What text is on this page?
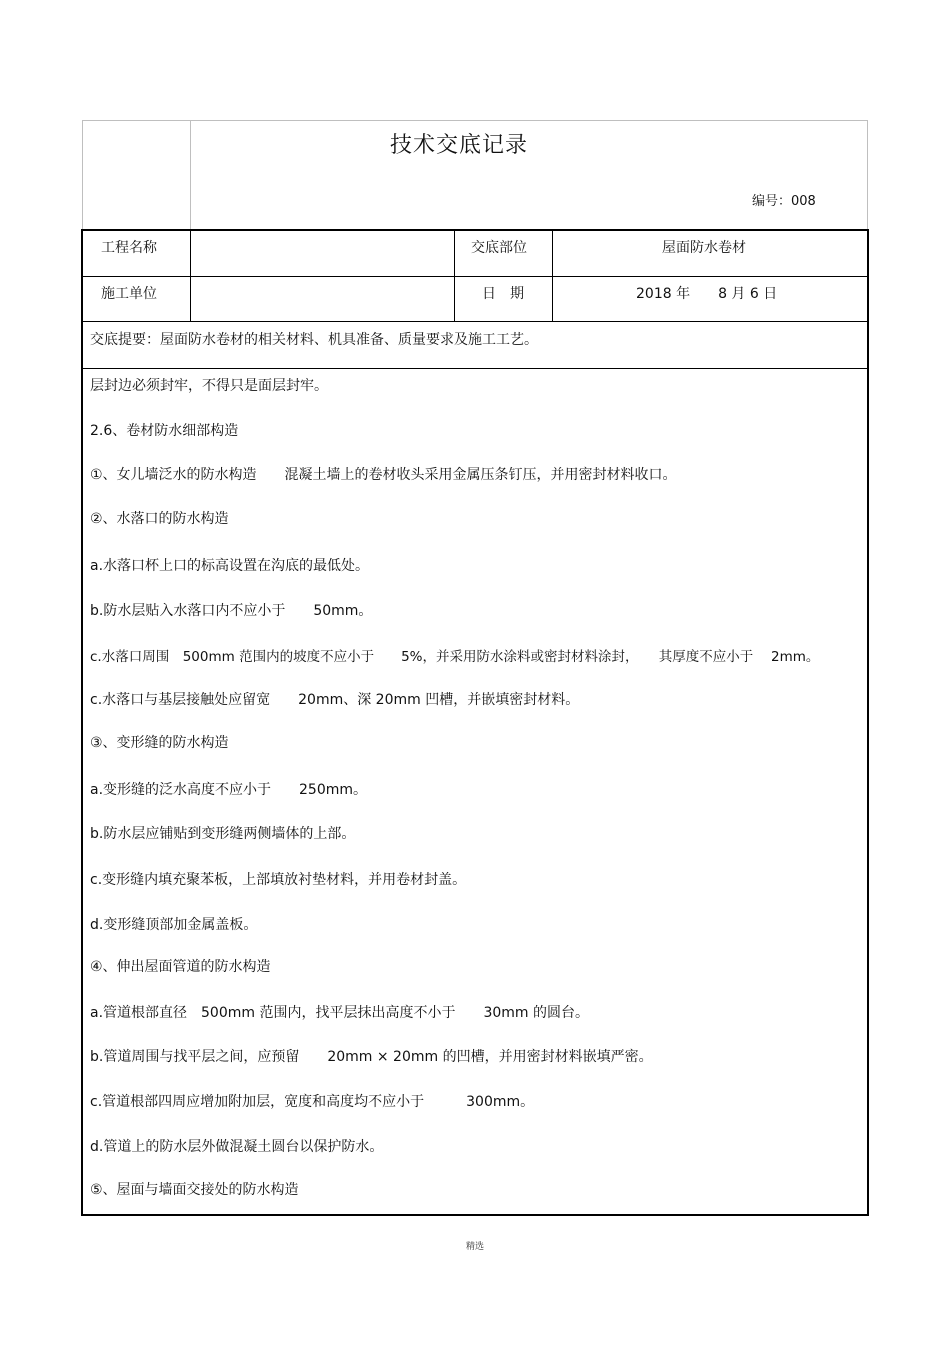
技术交底记录
编号：008
工程名称	交底部位	屋面防水卷材
施工单位	日　期	2018 年　　8 月 6 日
交底提要：屋面防水卷材的相关材料、机具准备、质量要求及施工工艺。
层封边必须封牢，不得只是面层封牢。
2.6、卷材防水细部构造
①、女儿墙泛水的防水构造　　混凝土墙上的卷材收头采用金属压条钉压，并用密封材料收口。
②、水落口的防水构造
a.水落口杯上口的标高设置在沟底的最低处。
b.防水层贴入水落口内不应小于　　50mm。
c.水落口周围　500mm 范围内的坡度不应小于　　5%，并采用防水涂料或密封材料涂封，　　其厚度不应小于　 2mm。
c.水落口与基层接触处应留宽　　20mm、深 20mm 凹槽，并嵌填密封材料。
③、变形缝的防水构造
a.变形缝的泛水高度不应小于　　250mm。
b.防水层应铺贴到变形缝两侧墙体的上部。
c.变形缝内填充聚苯板，上部填放衬垫材料，并用卷材封盖。
d.变形缝顶部加金属盖板。
④、伸出屋面管道的防水构造
a.管道根部直径　500mm 范围内，找平层抹出高度不小于　　30mm 的圆台。
b.管道周围与找平层之间，应预留　　20mm × 20mm 的凹槽，并用密封材料嵌填严密。
c.管道根部四周应增加附加层，宽度和高度均不应小于　　　300mm。
d.管道上的防水层外做混凝土圆台以保护防水。
⑤、屋面与墙面交接处的防水构造
精选
